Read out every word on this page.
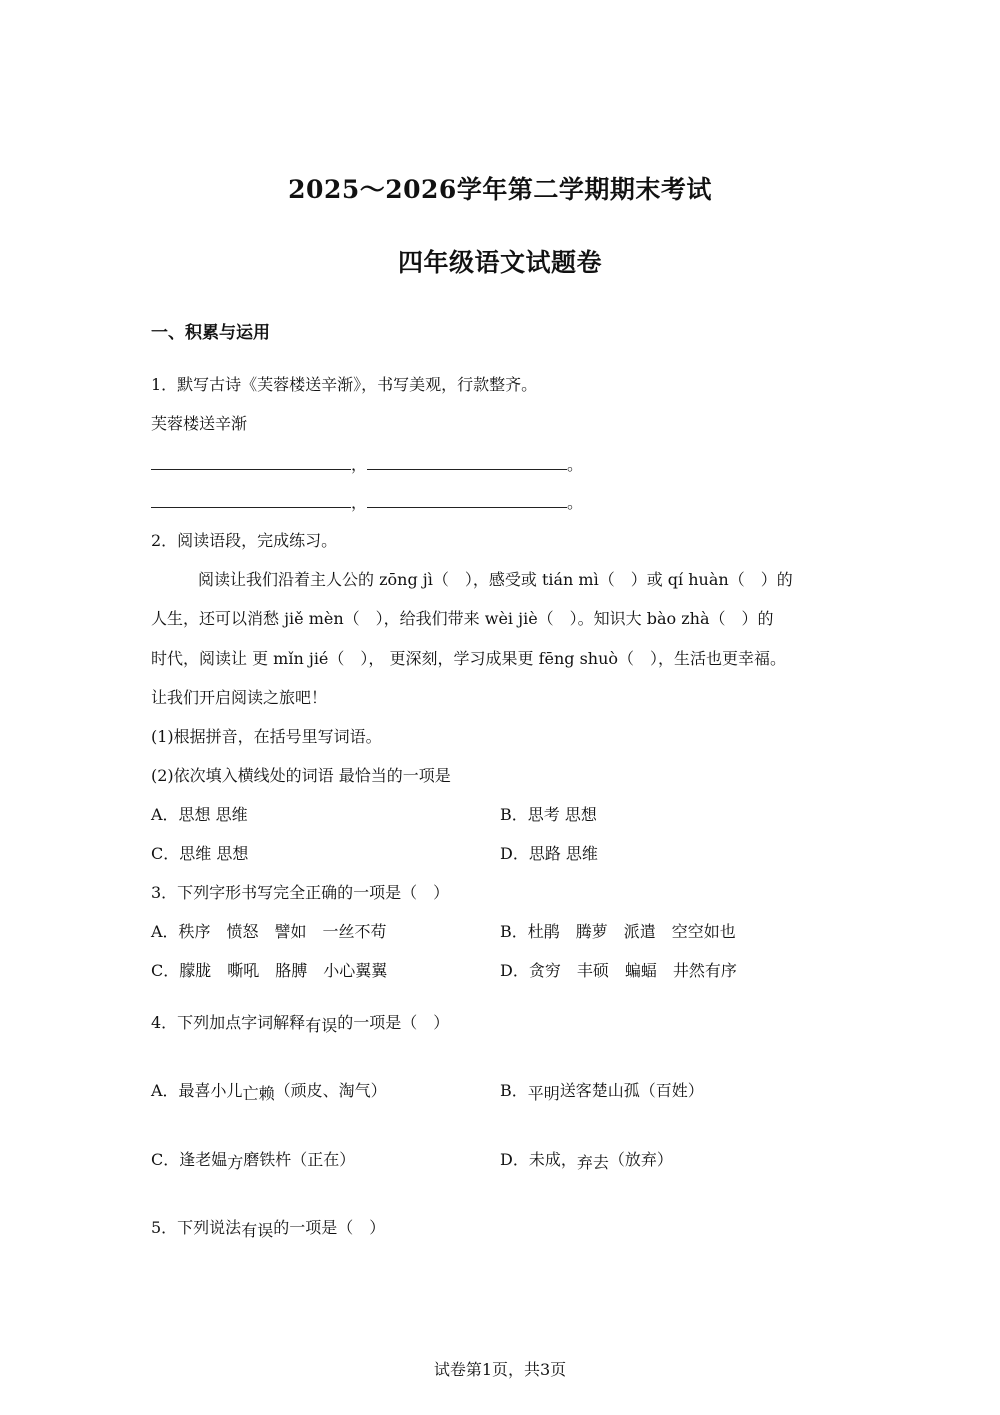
2025～2026学年第二学期期末考试
四年级语文试题卷
一、积累与运用
1．默写古诗《芙蓉楼送辛渐》，书写美观，行款整齐。
芙蓉楼送辛渐
，	。
，	。
2．阅读语段，完成练习。
阅读让我们沿着主人公的 zōng jì（　），感受或 tián mì（　）或 qí huàn（　）的
人生，还可以消愁 jiě mèn（　），给我们带来 wèi jiè（　）。知识大 bào zhà（　）的
时代，阅读让 更 mǐn jié（　）， 更深刻，学习成果更 fēng shuò（　），生活也更幸福。
让我们开启阅读之旅吧！
(1)根据拼音，在括号里写词语。
(2)依次填入横线处的词语 最恰当的一项是
A．思想 思维	B．思考 思想
C．思维 思想	D．思路 思维
3．下列字形书写完全正确的一项是（　）
A．秩序　愤怒　譬如　一丝不苟	B．杜鹃　腾萝　派遣　空空如也
C．朦胧　嘶吼　胳膊　小心翼翼	D．贪穷　丰硕　蝙蝠　井然有序
4．下列加点字词解释有误的一项是（　）
A．最喜小儿亡赖（顽皮、淘气）	B．平明送客楚山孤（百姓）
C．逢老媪方磨铁杵（正在）	D．未成，弃去（放弃）
5．下列说法有误的一项是（　）
试卷第1页，共3页
